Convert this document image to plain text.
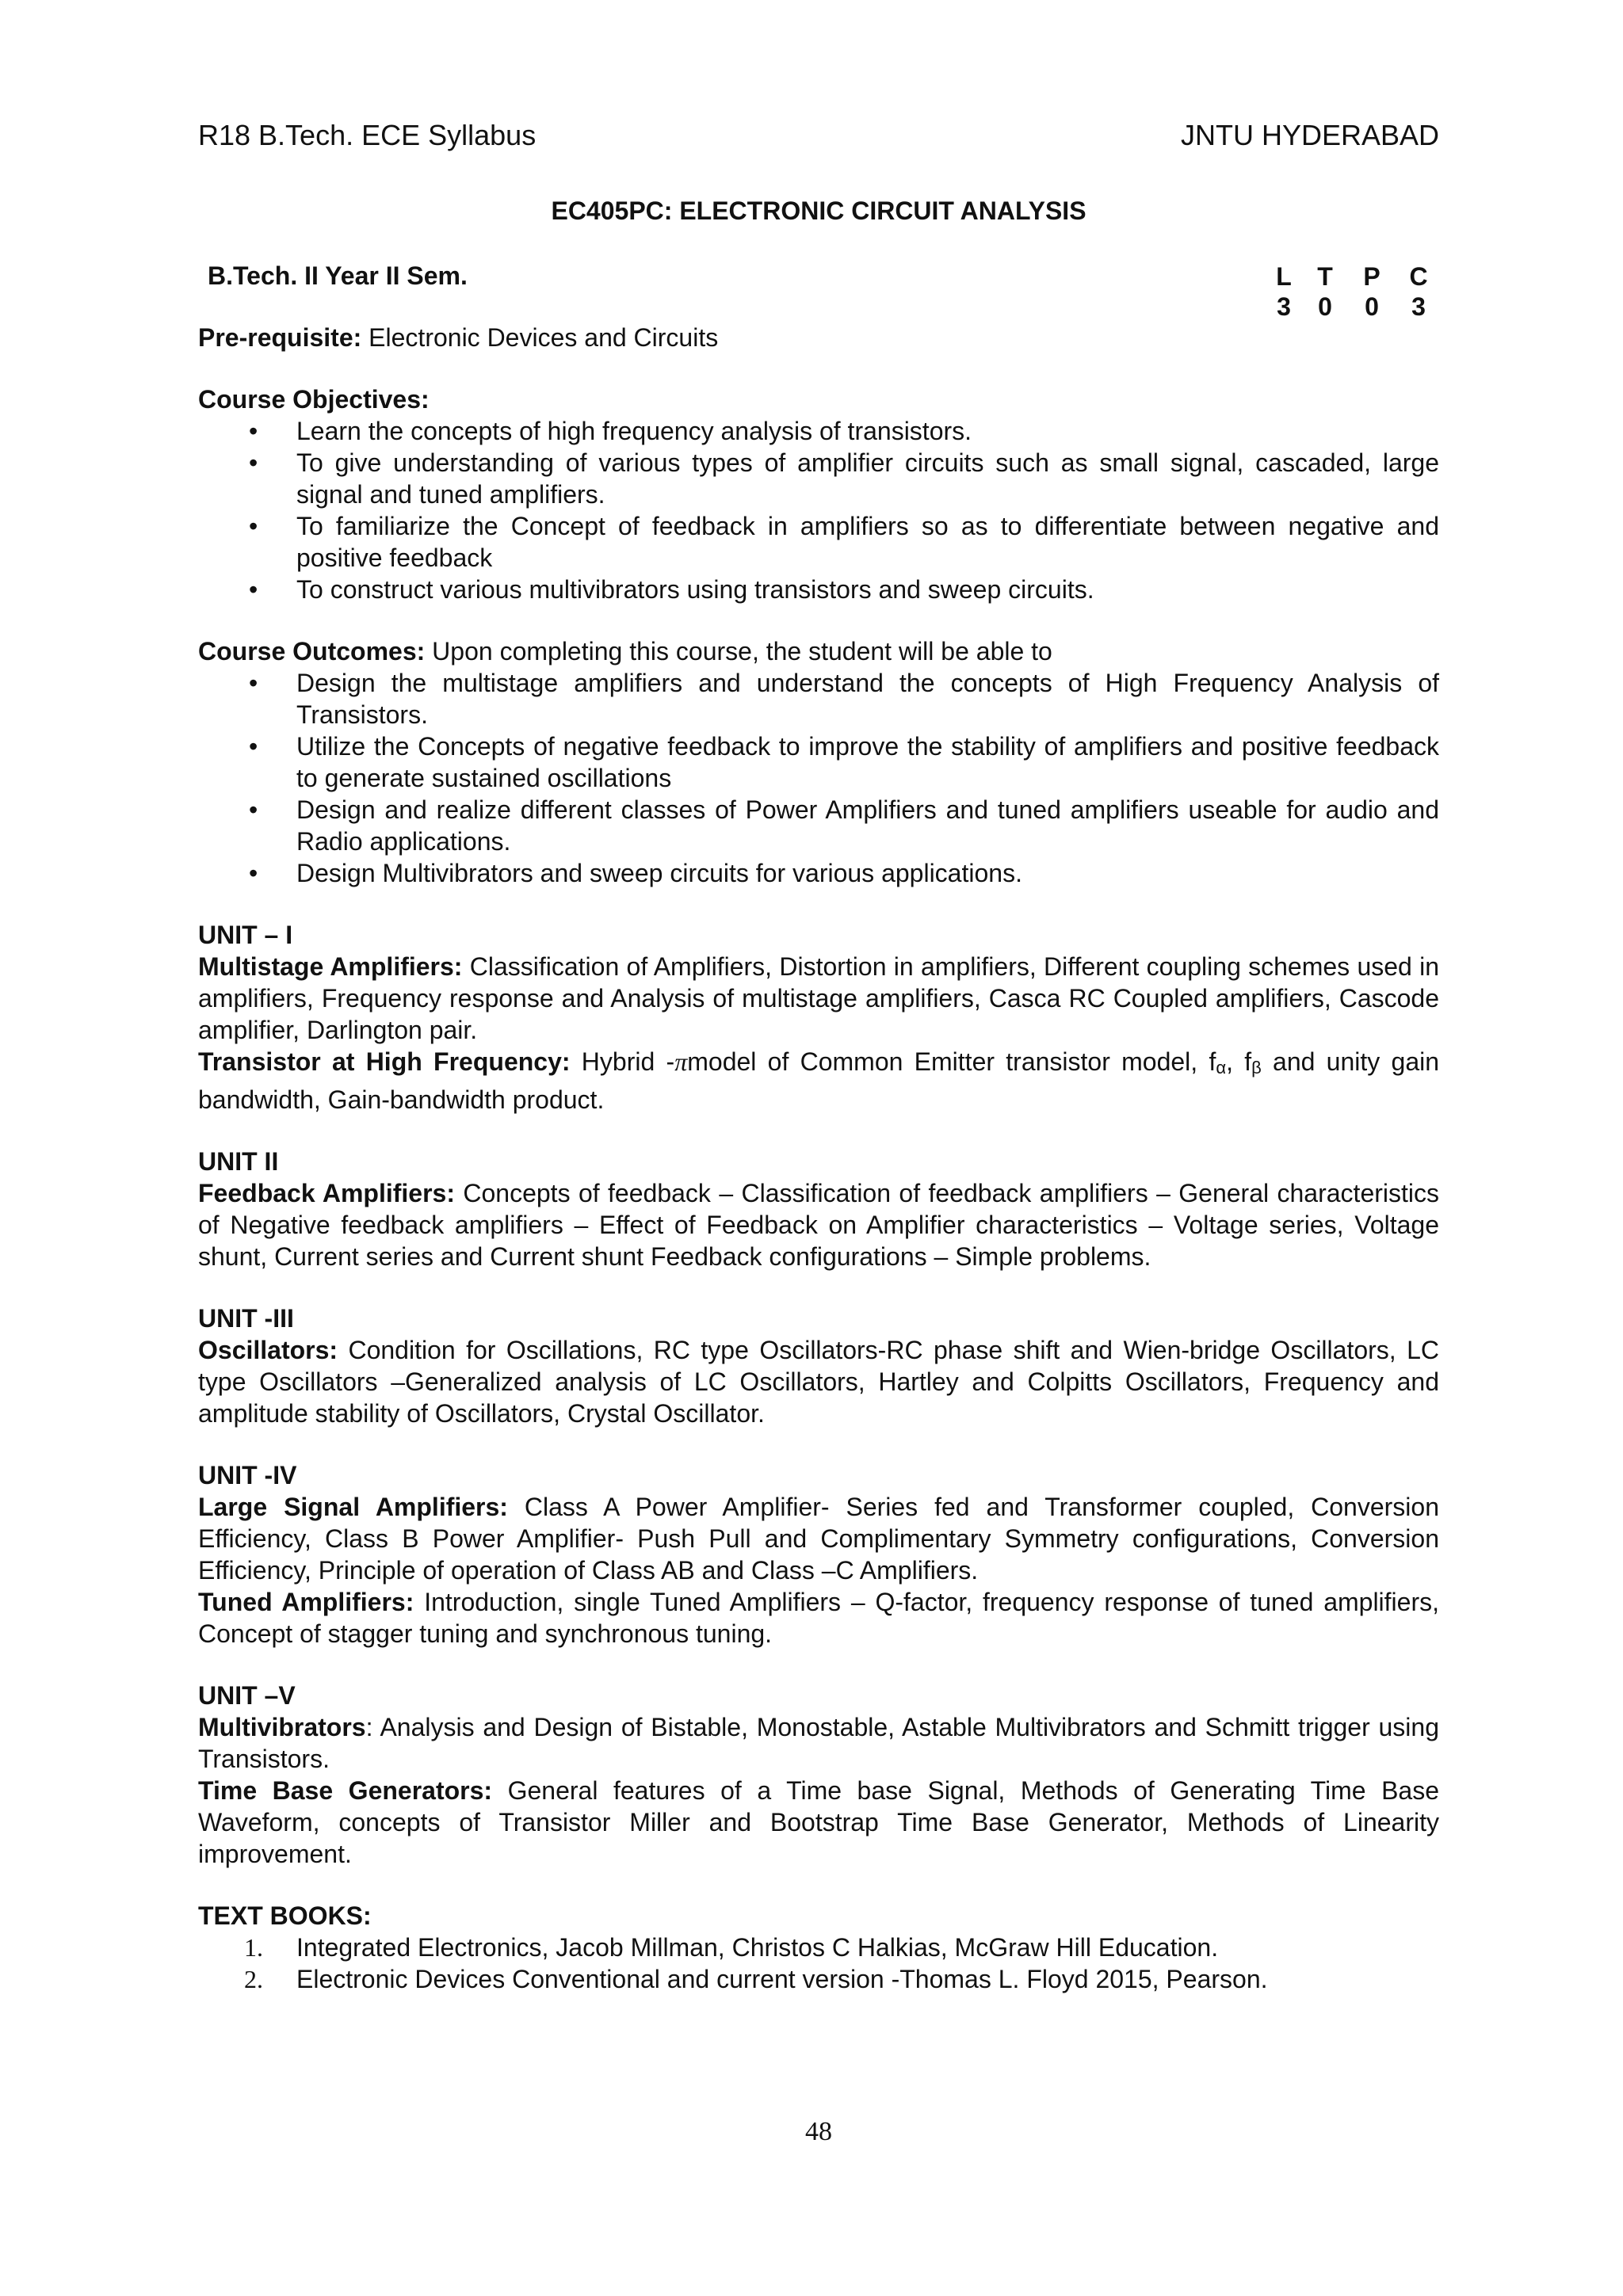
R18 B.Tech. ECE Syllabus	JNTU HYDERABAD
EC405PC: ELECTRONIC CIRCUIT ANALYSIS
B.Tech. II Year II Sem.	L	T	P	C
3	0	0	3

Pre-requisite: Electronic Devices and Circuits

Course Objectives:

• Learn the concepts of high frequency analysis of transistors.
• To give understanding of various types of amplifier circuits such as small signal, cascaded, large signal and tuned amplifiers.
• To familiarize the Concept of feedback in amplifiers so as to differentiate between negative and positive feedback
• To construct various multivibrators using transistors and sweep circuits.

Course Outcomes: Upon completing this course, the student will be able to

• Design the multistage amplifiers and understand the concepts of High Frequency Analysis of Transistors.
• Utilize the Concepts of negative feedback to improve the stability of amplifiers and positive feedback to generate sustained oscillations
• Design and realize different classes of Power Amplifiers and tuned amplifiers useable for audio and Radio applications.
• Design Multivibrators and sweep circuits for various applications.

UNIT – I

Multistage Amplifiers: Classification of Amplifiers, Distortion in amplifiers, Different coupling schemes used in amplifiers, Frequency response and Analysis of multistage amplifiers, Casca RC Coupled amplifiers, Cascode amplifier, Darlington pair.

Transistor at High Frequency: Hybrid -πmodel of Common Emitter transistor model, fα, fβ and unity gain bandwidth, Gain-bandwidth product.

UNIT II

Feedback Amplifiers: Concepts of feedback – Classification of feedback amplifiers – General characteristics of Negative feedback amplifiers – Effect of Feedback on Amplifier characteristics – Voltage series, Voltage shunt, Current series and Current shunt Feedback configurations – Simple problems.

UNIT -III

Oscillators: Condition for Oscillations, RC type Oscillators-RC phase shift and Wien-bridge Oscillators, LC type Oscillators –Generalized analysis of LC Oscillators, Hartley and Colpitts Oscillators, Frequency and amplitude stability of Oscillators, Crystal Oscillator.

UNIT -IV

Large Signal Amplifiers: Class A Power Amplifier- Series fed and Transformer coupled, Conversion Efficiency, Class B Power Amplifier- Push Pull and Complimentary Symmetry configurations, Conversion Efficiency, Principle of operation of Class AB and Class –C Amplifiers.

Tuned Amplifiers: Introduction, single Tuned Amplifiers – Q-factor, frequency response of tuned amplifiers, Concept of stagger tuning and synchronous tuning.

UNIT –V

Multivibrators: Analysis and Design of Bistable, Monostable, Astable Multivibrators and Schmitt trigger using Transistors.

Time Base Generators: General features of a Time base Signal, Methods of Generating Time Base Waveform, concepts of Transistor Miller and Bootstrap Time Base Generator, Methods of Linearity improvement.

TEXT BOOKS:

1. Integrated Electronics, Jacob Millman, Christos C Halkias, McGraw Hill Education.
2. Electronic Devices Conventional and current version -Thomas L. Floyd 2015, Pearson.
48
